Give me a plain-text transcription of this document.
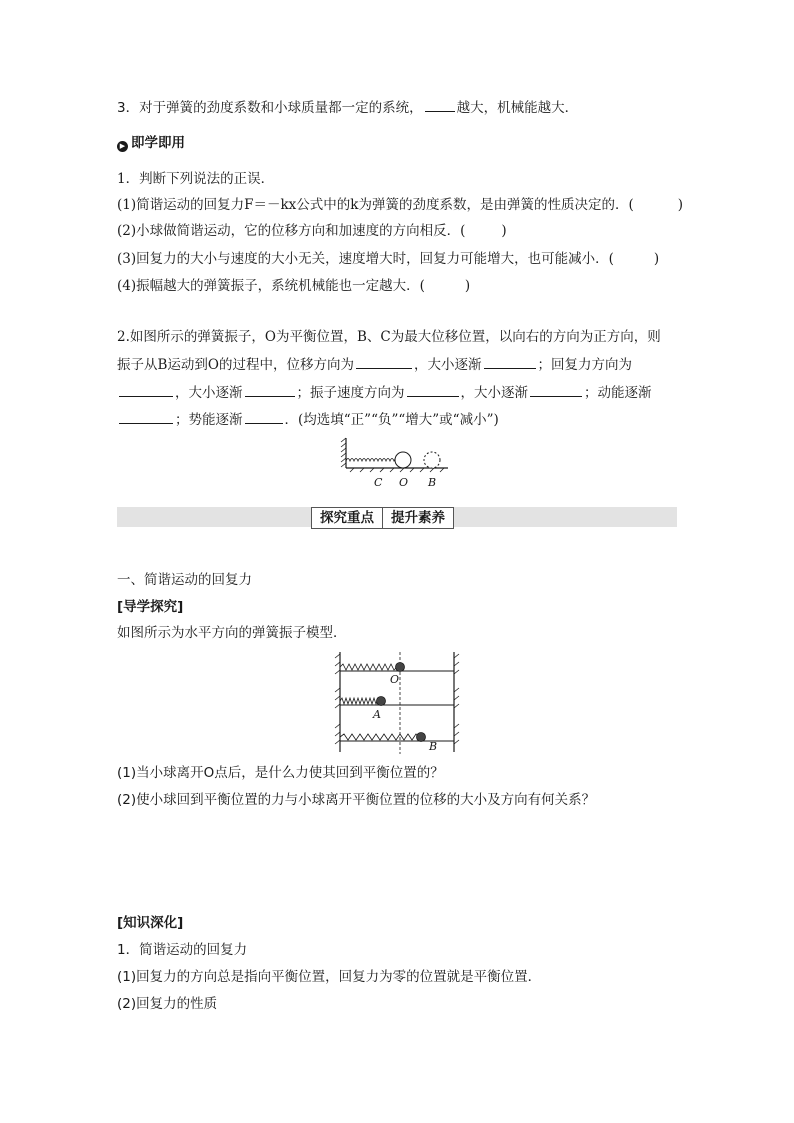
3．对于弹簧的劲度系数和小球质量都一定的系统，	越大，机械能越大．
▶ 即学即用
1．判断下列说法的正误．
(1)简谐运动的回复力F＝－kx公式中的k为弹簧的劲度系数，是由弹簧的性质决定的．(	)
(2)小球做简谐运动，它的位移方向和加速度的方向相反．(	)
(3)回复力的大小与速度的大小无关，速度增大时，回复力可能增大，也可能减小．(	)
(4)振幅越大的弹簧振子，系统机械能也一定越大．(	)
2.如图所示的弹簧振子，O为平衡位置，B、C为最大位移位置，以向右的方向为正方向，则
振子从B运动到O的过程中，位移方向为	，大小逐渐	；回复力方向为
，大小逐渐	；振子速度方向为	，大小逐渐	；动能逐渐
；势能逐渐	．(均选填“正”“负”“增大”或“减小”)
C O B
探究重点	提升素养
一、简谐运动的回复力
[导学探究]
如图所示为水平方向的弹簧振子模型．
O
A
B
(1)当小球离开O点后，是什么力使其回到平衡位置的？
(2)使小球回到平衡位置的力与小球离开平衡位置的位移的大小及方向有何关系？
[知识深化]
1．简谐运动的回复力
(1)回复力的方向总是指向平衡位置，回复力为零的位置就是平衡位置．
(2)回复力的性质
